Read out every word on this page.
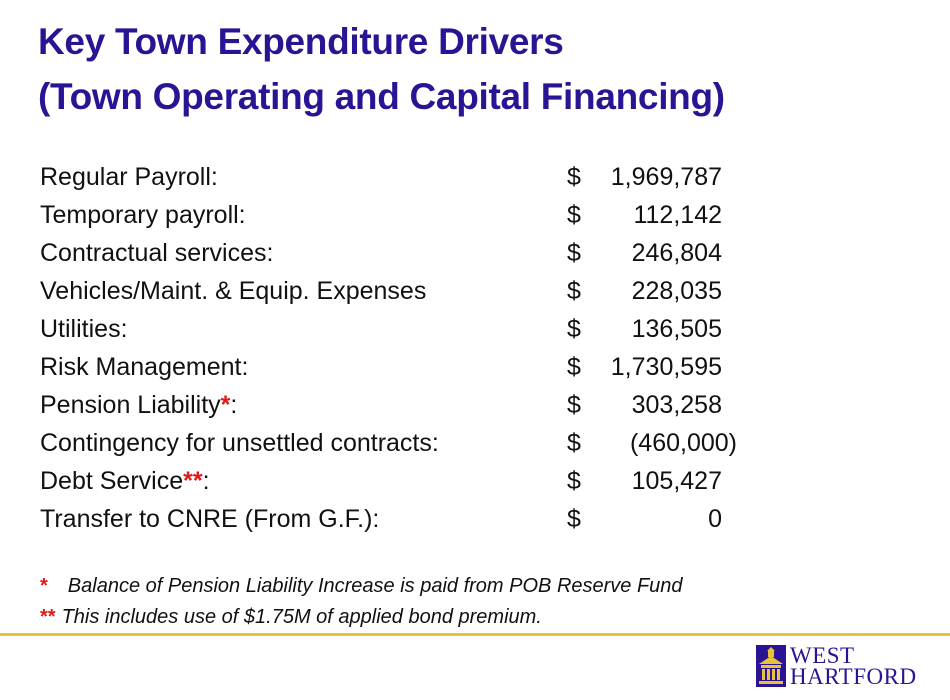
Key Town Expenditure Drivers
(Town Operating and Capital Financing)
Regular Payroll:	$	1,969,787
Temporary payroll:	$	112,142
Contractual services:	$	246,804
Vehicles/Maint. & Equip. Expenses	$	228,035
Utilities:	$	136,505
Risk Management:	$	1,730,595
Pension Liability*:	$	303,258
Contingency for unsettled contracts:	$	(460,000)
Debt Service**:	$	105,427
Transfer to CNRE (From G.F.):	$	0
* Balance of Pension Liability Increase is paid from POB Reserve Fund
** This includes use of $1.75M of applied bond premium.
WEST
HARTFORD
